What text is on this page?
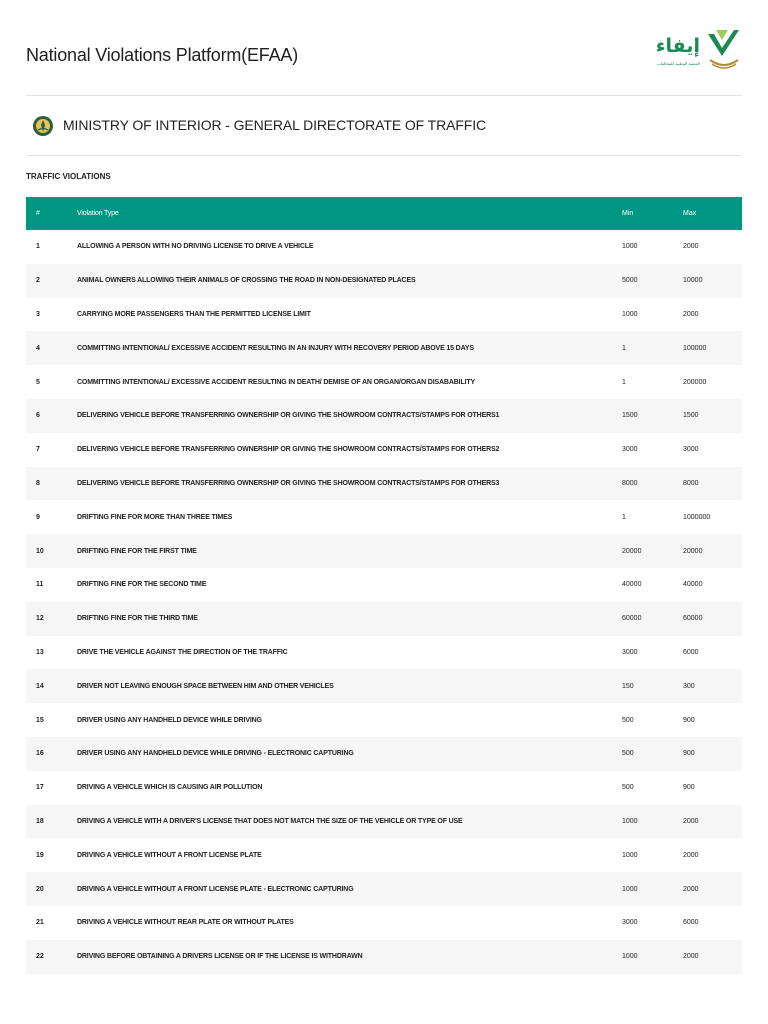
National Violations Platform(EFAA)	إيفاء
المنصة الوطنية للمخالفات
MINISTRY OF INTERIOR - GENERAL DIRECTORATE OF TRAFFIC
TRAFFIC VIOLATIONS
#	Violation Type	Min	Max
1	ALLOWING A PERSON WITH NO DRIVING LICENSE TO DRIVE A VEHICLE	1000	2000
2	ANIMAL OWNERS ALLOWING THEIR ANIMALS OF CROSSING THE ROAD IN NON-DESIGNATED PLACES	5000	10000
3	CARRYING MORE PASSENGERS THAN THE PERMITTED LICENSE LIMIT	1000	2000
4	COMMITTING INTENTIONAL/ EXCESSIVE ACCIDENT RESULTING IN AN INJURY WITH RECOVERY PERIOD ABOVE 15 DAYS	1	100000
5	COMMITTING INTENTIONAL/ EXCESSIVE ACCIDENT RESULTING IN DEATH/ DEMISE OF AN ORGAN/ORGAN DISABABILITY	1	200000
6	DELIVERING VEHICLE BEFORE TRANSFERRING OWNERSHIP OR GIVING THE SHOWROOM CONTRACTS/STAMPS FOR OTHERS1	1500	1500
7	DELIVERING VEHICLE BEFORE TRANSFERRING OWNERSHIP OR GIVING THE SHOWROOM CONTRACTS/STAMPS FOR OTHERS2	3000	3000
8	DELIVERING VEHICLE BEFORE TRANSFERRING OWNERSHIP OR GIVING THE SHOWROOM CONTRACTS/STAMPS FOR OTHERS3	8000	8000
9	DRIFTING FINE FOR MORE THAN THREE TIMES	1	1000000
10	DRIFTING FINE FOR THE FIRST TIME	20000	20000
11	DRIFTING FINE FOR THE SECOND TIME	40000	40000
12	DRIFTING FINE FOR THE THIRD TIME	60000	60000
13	DRIVE THE VEHICLE AGAINST THE DIRECTION OF THE TRAFFIC	3000	6000
14	DRIVER NOT LEAVING ENOUGH SPACE BETWEEN HIM AND OTHER VEHICLES	150	300
15	DRIVER USING ANY HANDHELD DEVICE WHILE DRIVING	500	900
16	DRIVER USING ANY HANDHELD DEVICE WHILE DRIVING - ELECTRONIC CAPTURING	500	900
17	DRIVING A VEHICLE WHICH IS CAUSING AIR POLLUTION	500	900
18	DRIVING A VEHICLE WITH A DRIVER'S LICENSE THAT DOES NOT MATCH THE SIZE OF THE VEHICLE OR TYPE OF USE	1000	2000
19	DRIVING A VEHICLE WITHOUT A FRONT LICENSE PLATE	1000	2000
20	DRIVING A VEHICLE WITHOUT A FRONT LICENSE PLATE - ELECTRONIC CAPTURING	1000	2000
21	DRIVING A VEHICLE WITHOUT REAR PLATE OR WITHOUT PLATES	3000	6000
22	DRIVING BEFORE OBTAINING A DRIVERS LICENSE OR IF THE LICENSE IS WITHDRAWN	1000	2000
